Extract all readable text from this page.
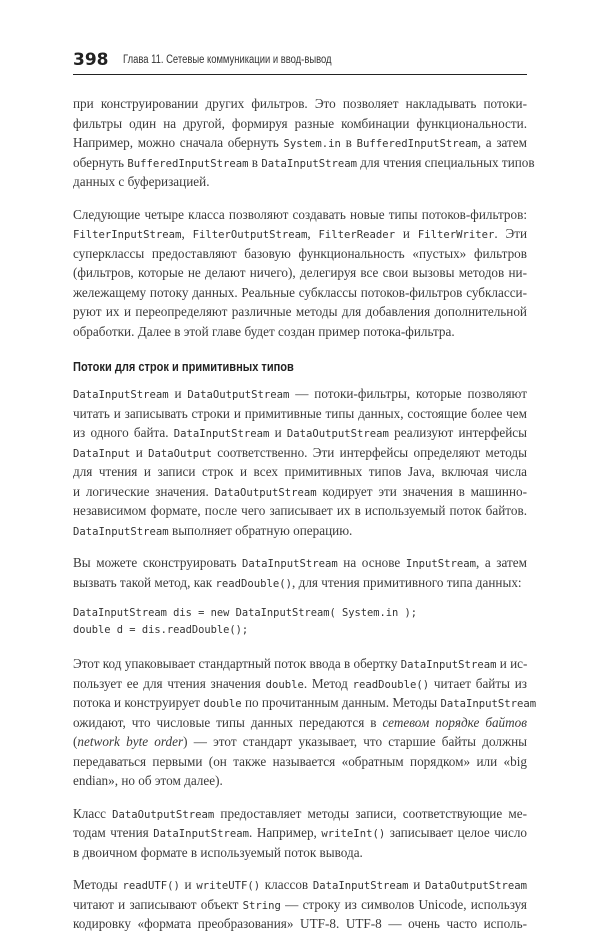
398 Глава 11. Сетевые коммуникации и ввод-вывод
при конструировании других фильтров. Это позволяет накладывать потоки-
фильтры один на другой, формируя разные комбинации функциональности.
Например, можно сначала обернуть System.in в BufferedInputStream, а затем
обернуть BufferedInputStream в DataInputStream для чтения специальных типов
данных с буферизацией.
Следующие четыре класса позволяют создавать новые типы потоков-фильтров:
FilterInputStream, FilterOutputStream, FilterReader и FilterWriter. Эти
суперклассы предоставляют базовую функциональность «пустых» фильтров
(фильтров, которые не делают ничего), делегируя все свои вызовы методов ни-
жележащему потоку данных. Реальные субклассы потоков-фильтров субкласси-
руют их и переопределяют различные методы для добавления дополнительной
обработки. Далее в этой главе будет создан пример потока-фильтра.
Потоки для строк и примитивных типов
DataInputStream и DataOutputStream — потоки-фильтры, которые позволяют
читать и записывать строки и примитивные типы данных, состоящие более чем
из одного байта. DataInputStream и DataOutputStream реализуют интерфейсы
DataInput и DataOutput соответственно. Эти интерфейсы определяют методы
для чтения и записи строк и всех примитивных типов Java, включая числа
и логические значения. DataOutputStream кодирует эти значения в машинно-
независимом формате, после чего записывает их в используемый поток байтов.
DataInputStream выполняет обратную операцию.
Вы можете сконструировать DataInputStream на основе InputStream, а затем
вызвать такой метод, как readDouble(), для чтения примитивного типа данных:
DataInputStream dis = new DataInputStream( System.in );
double d = dis.readDouble();
Этот код упаковывает стандартный поток ввода в обертку DataInputStream и ис-
пользует ее для чтения значения double. Метод readDouble() читает байты из
потока и конструирует double по прочитанным данным. Методы DataInputStream
ожидают, что числовые типы данных передаются в сетевом порядке байтов
(network byte order) — этот стандарт указывает, что старшие байты должны
передаваться первыми (он также называется «обратным порядком» или «big
endian», но об этом далее).
Класс DataOutputStream предоставляет методы записи, соответствующие ме-
тодам чтения DataInputStream. Например, writeInt() записывает целое число
в двоичном формате в используемый поток вывода.
Методы readUTF() и writeUTF() классов DataInputStream и DataOutputStream
читают и записывают объект String — строку из символов Unicode, используя
кодировку «формата преобразования» UTF-8. UTF-8 — очень часто исполь-
